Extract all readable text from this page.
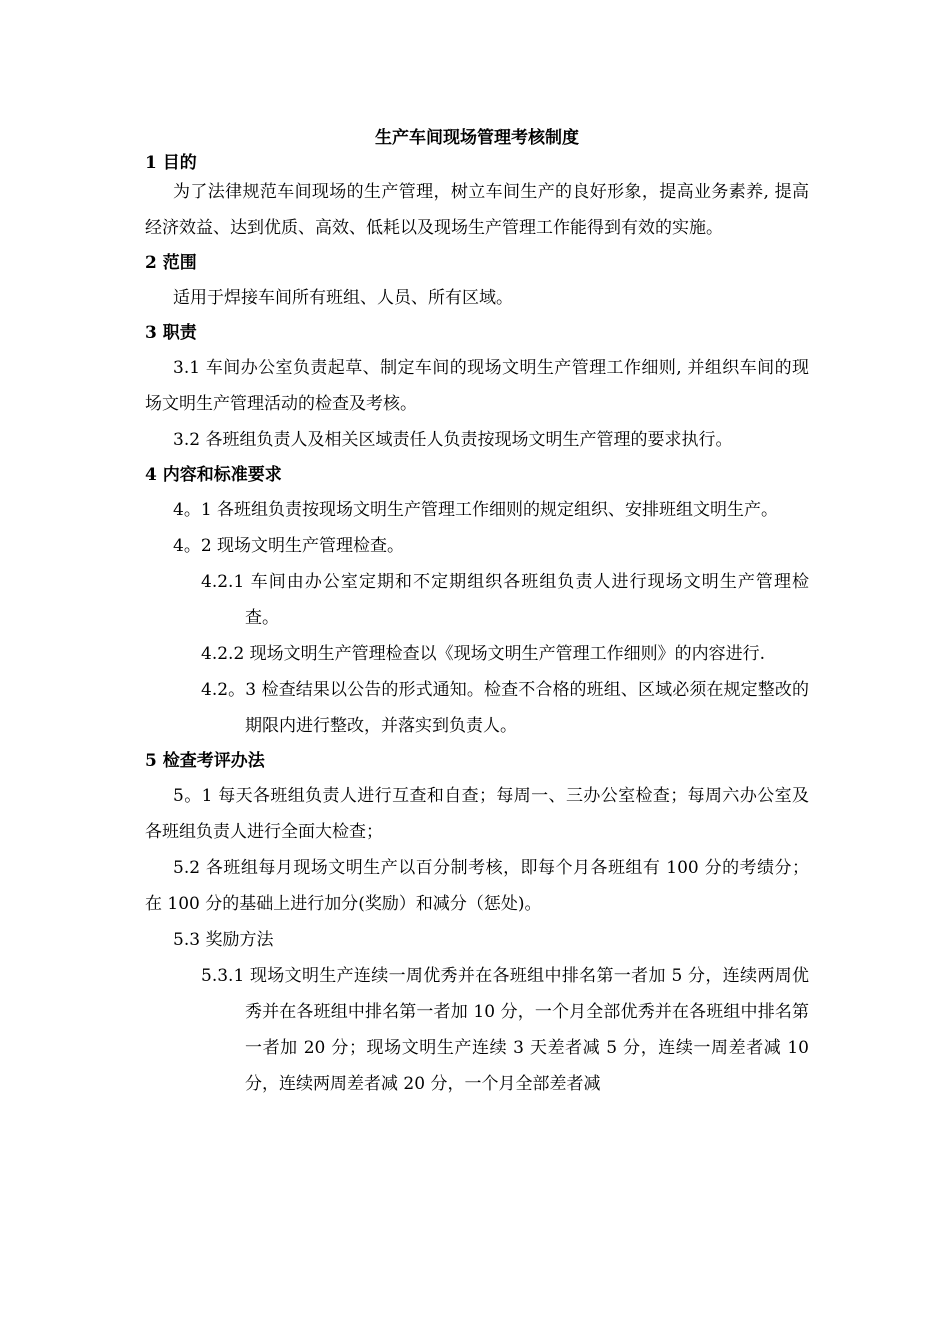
生产车间现场管理考核制度
1 目的
为了法律规范车间现场的生产管理，树立车间生产的良好形象，提高业务素养, 提高经济效益、达到优质、高效、低耗以及现场生产管理工作能得到有效的实施。
2 范围
适用于焊接车间所有班组、人员、所有区域。
3 职责
3.1 车间办公室负责起草、制定车间的现场文明生产管理工作细则, 并组织车间的现场文明生产管理活动的检查及考核。
3.2 各班组负责人及相关区域责任人负责按现场文明生产管理的要求执行。
4 内容和标准要求
4。1 各班组负责按现场文明生产管理工作细则的规定组织、安排班组文明生产。
4。2 现场文明生产管理检查。
4.2.1 车间由办公室定期和不定期组织各班组负责人进行现场文明生产管理检查。
4.2.2 现场文明生产管理检查以《现场文明生产管理工作细则》的内容进行.
4.2。3 检查结果以公告的形式通知。检查不合格的班组、区域必须在规定整改的期限内进行整改，并落实到负责人。
5 检查考评办法
5。1 每天各班组负责人进行互查和自查；每周一、三办公室检查；每周六办公室及各班组负责人进行全面大检查；
5.2 各班组每月现场文明生产以百分制考核，即每个月各班组有 100 分的考绩分；在 100 分的基础上进行加分(奖励）和减分（惩处)。
5.3 奖励方法
5.3.1 现场文明生产连续一周优秀并在各班组中排名第一者加 5 分，连续两周优秀并在各班组中排名第一者加 10 分，一个月全部优秀并在各班组中排名第一者加 20 分；现场文明生产连续 3 天差者减 5 分，连续一周差者减 10 分，连续两周差者减 20 分，一个月全部差者减
